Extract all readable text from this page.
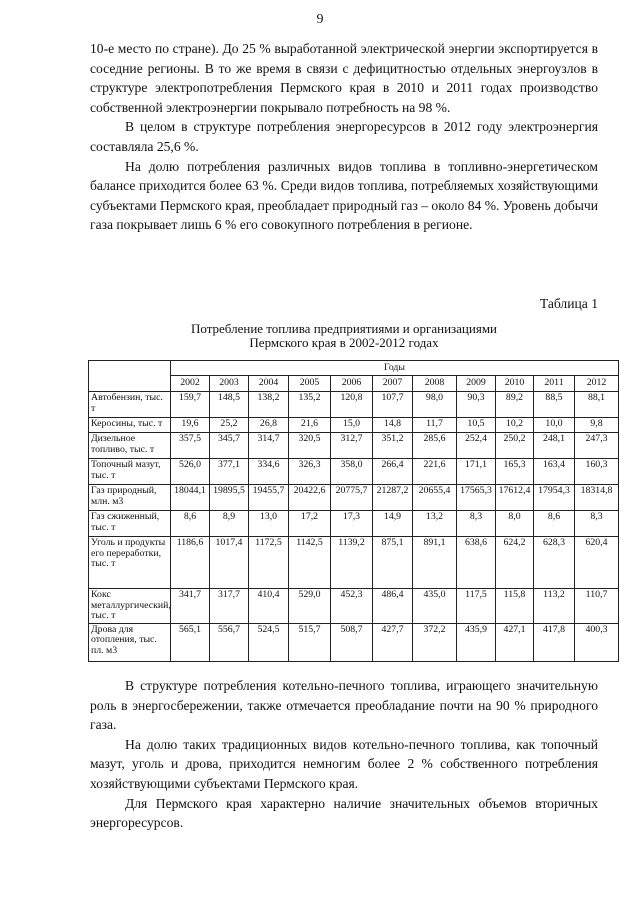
9

10-е место по стране). До 25 % выработанной электрической энергии экспортируется в соседние регионы. В то же время в связи с дефицитностью отдельных энергоузлов в структуре электропотребления Пермского края в 2010 и 2011 годах производство собственной электроэнергии покрывало потребность на 98 %.

В целом в структуре потребления энергоресурсов в 2012 году электроэнергия составляла 25,6 %.

На долю потребления различных видов топлива в топливно-энергетическом балансе приходится более 63 %. Среди видов топлива, потребляемых хозяйствующими субъектами Пермского края, преобладает природный газ – около 84 %. Уровень добычи газа покрывает лишь 6 % его совокупного потребления в регионе.

Таблица 1
Потребление топлива предприятиями и организациями
Пермского края в 2002-2012 годах
	Годы										
	2002	2003	2004	2005	2006	2007	2008	2009	2010	2011	2012
Автобензин, тыс. т	159,7	148,5	138,2	135,2	120,8	107,7	98,0	90,3	89,2	88,5	88,1
Керосины, тыс. т	19,6	25,2	26,8	21,6	15,0	14,8	11,7	10,5	10,2	10,0	9,8
Дизельное топливо, тыс. т	357,5	345,7	314,7	320,5	312,7	351,2	285,6	252,4	250,2	248,1	247,3
Топочный мазут, тыс. т	526,0	377,1	334,6	326,3	358,0	266,4	221,6	171,1	165,3	163,4	160,3
Газ природный, млн. м3	18044,1	19895,5	19455,7	20422,6	20775,7	21287,2	20655,4	17565,3	17612,4	17954,3	18314,8
Газ сжиженный, тыс. т	8,6	8,9	13,0	17,2	17,3	14,9	13,2	8,3	8,0	8,6	8,3
Уголь и продукты его переработки, тыс. т	1186,6	1017,4	1172,5	1142,5	1139,2	875,1	891,1	638,6	624,2	628,3	620,4
Кокс металлургический, тыс. т	341,7	317,7	410,4	529,0	452,3	486,4	435,0	117,5	115,8	113,2	110,7
Дрова для отопления, тыс. пл. м3	565,1	556,7	524,5	515,7	508,7	427,7	372,2	435,9	427,1	417,8	400,3

В структуре потребления котельно-печного топлива, играющего значительную роль в энергосбережении, также отмечается преобладание почти на 90 % природного газа.

На долю таких традиционных видов котельно-печного топлива, как топочный мазут, уголь и дрова, приходится немногим более 2 % собственного потребления хозяйствующими субъектами Пермского края.

Для Пермского края характерно наличие значительных объемов вторичных энергоресурсов.
